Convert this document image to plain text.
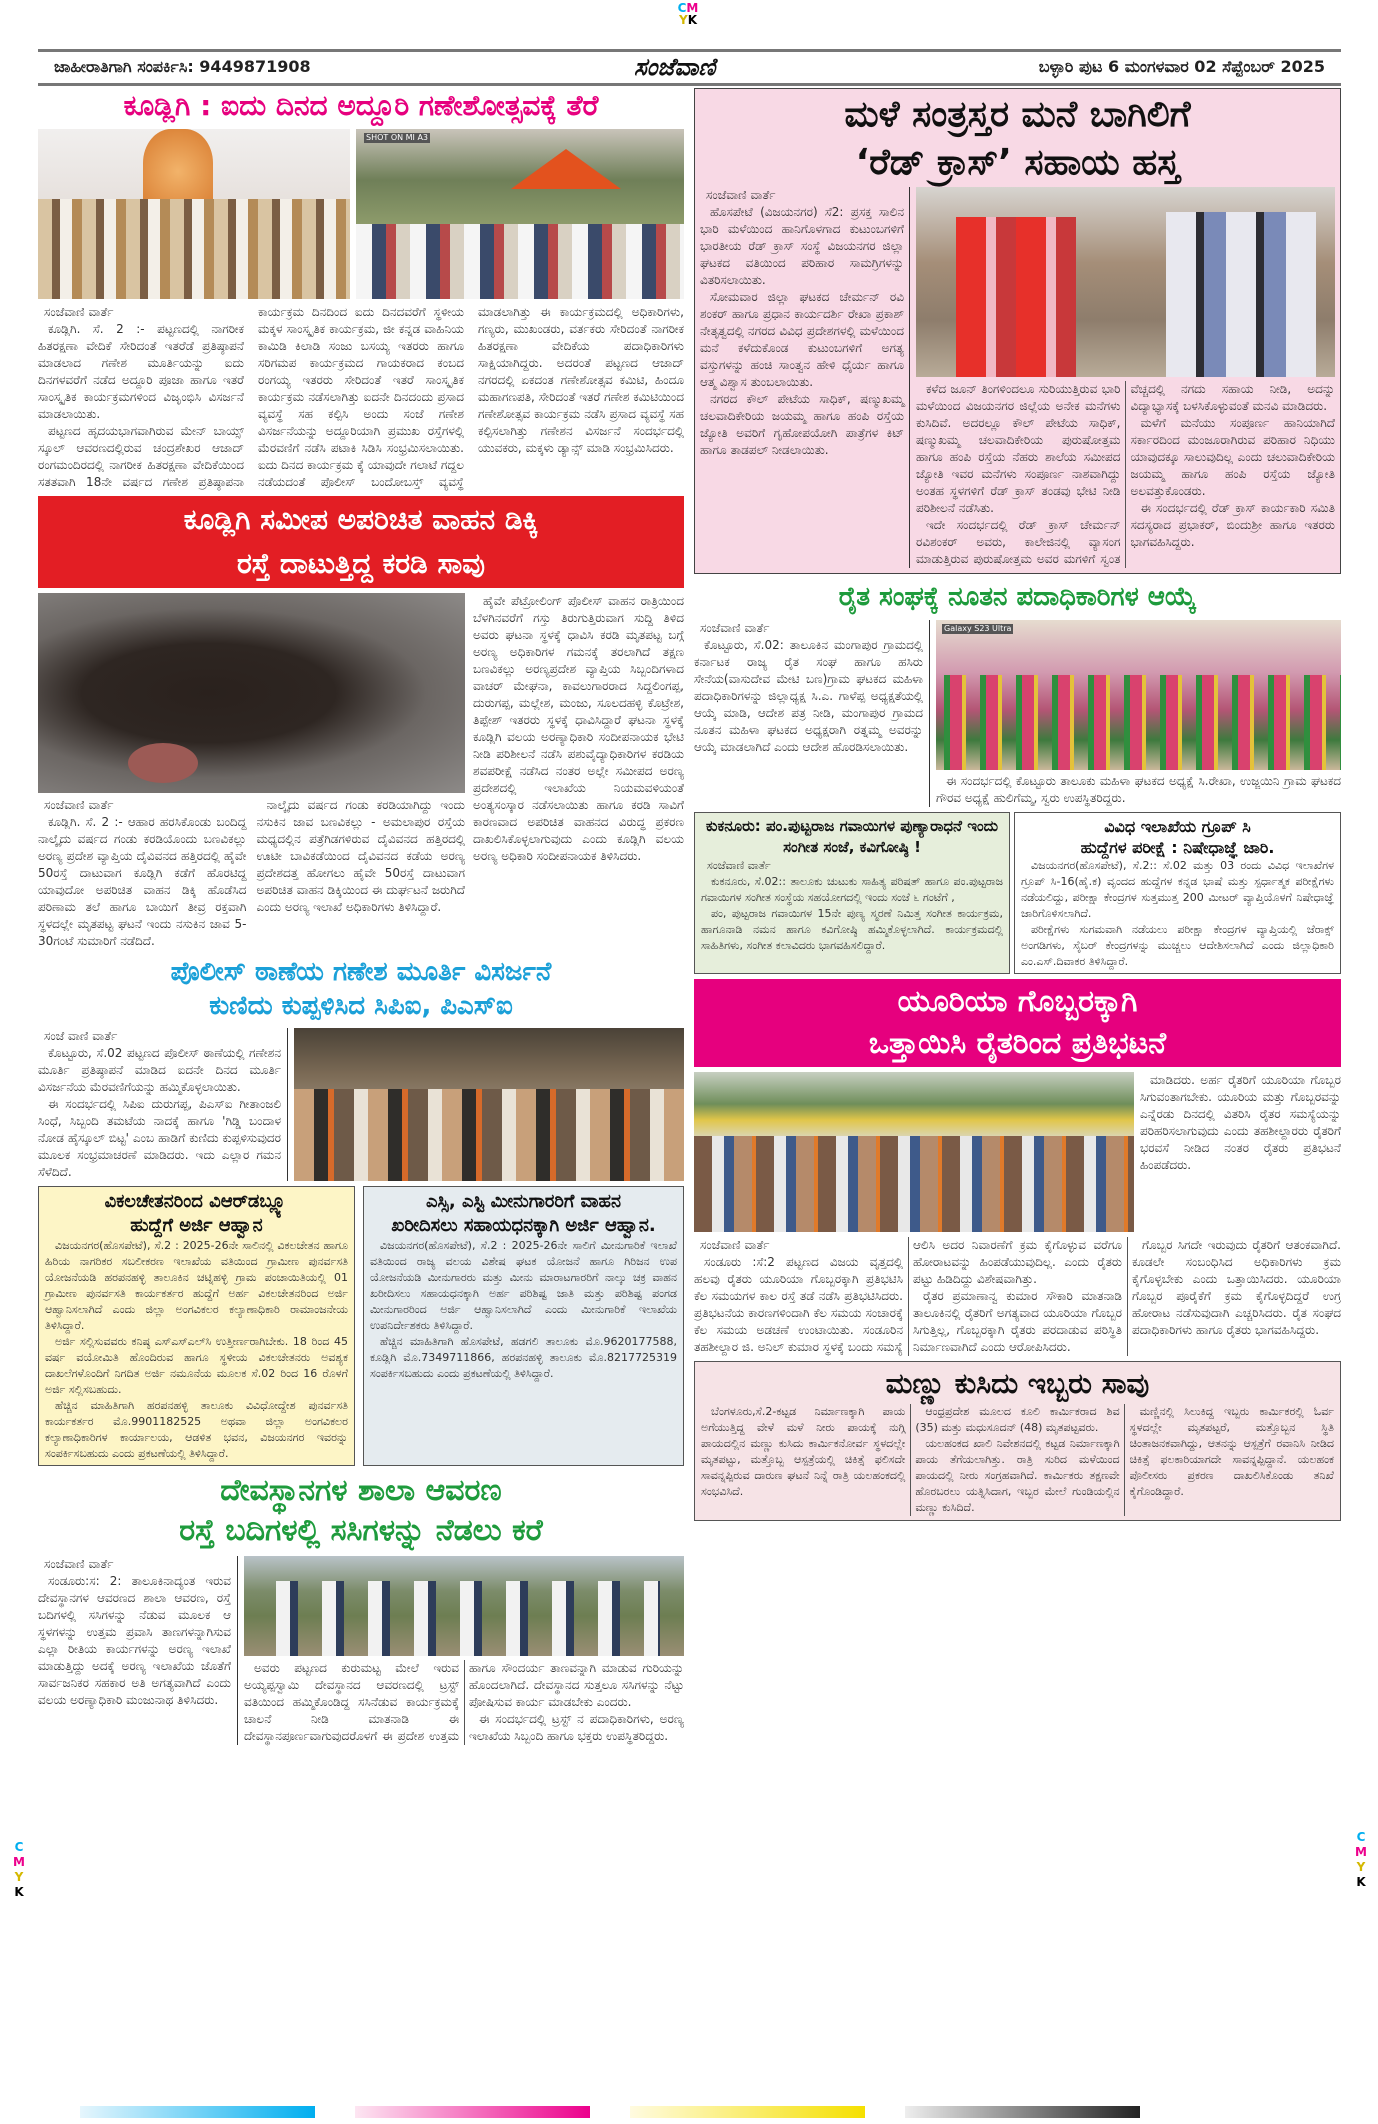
CM
YK
C
M
Y
K
C
M
Y
K
ಜಾಹೀರಾತಿಗಾಗಿ ಸಂಪರ್ಕಿಸಿ: 9449871908	ಸಂಜೆವಾಣಿ	ಬಳ್ಳಾರಿ ಪುಟ 6 ಮಂಗಳವಾರ 02 ಸೆಪ್ಟೆಂಬರ್ 2025
ಕೂಡ್ಲಿಗಿ : ಐದು ದಿನದ ಅದ್ದೂರಿ ಗಣೇಶೋತ್ಸವಕ್ಕೆ ತೆರೆ
SHOT ON MI A3

ಸಂಜೆವಾಣಿ ವಾರ್ತೆ

ಕೂಡ್ಲಿಗಿ. ಸೆ. 2 :- ಪಟ್ಟಣದಲ್ಲಿ ನಾಗರೀಕ ಹಿತರಕ್ಷಣಾ ವೇದಿಕೆ ಸೇರಿದಂತೆ ಇತರೆಡೆ ಪ್ರತಿಷ್ಠಾಪನೆ ಮಾಡಲಾದ ಗಣೇಶ ಮೂರ್ತಿಯನ್ನು ಐದು ದಿನಗಳವರೆಗೆ ನಡೆದ ಅದ್ದೂರಿ ಪೂಜಾ ಹಾಗೂ ಇತರೆ ಸಾಂಸ್ಕೃತಿಕ ಕಾರ್ಯಕ್ರಮಗಳಿಂದ ವಿಜೃಂಭಿಸಿ ವಿಸರ್ಜನೆ ಮಾಡಲಾಯಿತು.

ಪಟ್ಟಣದ ಹೃದಯಭಾಗವಾಗಿರುವ ಮೇನ್ ಬಾಯ್ಸ್ ಸ್ಕೂಲ್ ಆವರಣದಲ್ಲಿರುವ ಚಂದ್ರಶೇಖರ ಆಜಾದ್ ರಂಗಮಂದಿರದಲ್ಲಿ ನಾಗರೀಕ ಹಿತರಕ್ಷಣಾ ವೇದಿಕೆಯಿಂದ ಸತತವಾಗಿ 18ನೇ ವರ್ಷದ ಗಣೇಶ ಪ್ರತಿಷ್ಠಾಪನಾ ಕಾರ್ಯಕ್ರಮ ದಿನದಿಂದ ಐದು ದಿನದವರೆಗೆ ಸ್ಥಳೀಯ ಮಕ್ಕಳ ಸಾಂಸ್ಕೃತಿಕ ಕಾರ್ಯಕ್ರಮ, ಜೀ ಕನ್ನಡ ವಾಹಿನಿಯ ಕಾಮಿಡಿ ಕಿಲಾಡಿ ಸಂಜು ಬಸಯ್ಯ ಇತರರು ಹಾಗೂ ಸರಿಗಮಪ ಕಾರ್ಯಕ್ರಮದ ಗಾಯಕರಾದ ಕಂಬದ ರಂಗಯ್ಯ ಇತರರು ಸೇರಿದಂತೆ ಇತರೆ ಸಾಂಸ್ಕೃತಿಕ ಕಾರ್ಯಕ್ರಮ ನಡೆಸಲಾಗಿತ್ತು ಐದನೇ ದಿನದಂದು ಪ್ರಸಾದ ವ್ಯವಸ್ಥೆ ಸಹ ಕಲ್ಪಿಸಿ ಅಂದು ಸಂಜೆ ಗಣೇಶ ವಿಸರ್ಜನೆಯನ್ನು ಅದ್ದೂರಿಯಾಗಿ ಪ್ರಮುಖ ರಸ್ತೆಗಳಲ್ಲಿ ಮೆರವಣಿಗೆ ನಡೆಸಿ ಪಟಾಕಿ ಸಿಡಿಸಿ ಸಂಭ್ರಮಿಸಲಾಯಿತು. ಐದು ದಿನದ ಕಾರ್ಯಕ್ರಮ ಕ್ಕೆ ಯಾವುದೇ ಗಲಾಟೆ ಗದ್ದಲ ನಡೆಯದಂತೆ ಪೊಲೀಸ್ ಬಂದೋಬಸ್ತ್ ವ್ಯವಸ್ಥೆ ಮಾಡಲಾಗಿತ್ತು ಈ ಕಾರ್ಯಕ್ರಮದಲ್ಲಿ ಅಧಿಕಾರಿಗಳು, ಗಣ್ಯರು, ಮುಖಂಡರು, ವರ್ತಕರು ಸೇರಿದಂತೆ ನಾಗರೀಕ ಹಿತರಕ್ಷಣಾ ವೇದಿಕೆಯ ಪದಾಧಿಕಾರಿಗಳು ಸಾಕ್ಷಿಯಾಗಿದ್ದರು. ಅದರಂತೆ ಪಟ್ಟಣದ ಆಜಾದ್ ನಗರದಲ್ಲಿ ಏಕದಂತ ಗಣೇಶೋತ್ಸವ ಕಮಿಟಿ, ಹಿಂದೂ ಮಹಾಗಣಪತಿ, ಸೇರಿದಂತೆ ಇತರೆ ಗಣೇಶ ಕಮಿಟಿಯಿಂದ ಗಣೇಶೋತ್ಸವ ಕಾರ್ಯಕ್ರಮ ನಡೆಸಿ ಪ್ರಸಾದ ವ್ಯವಸ್ಥೆ ಸಹ ಕಲ್ಪಿಸಲಾಗಿತ್ತು ಗಣೇಶನ ವಿಸರ್ಜನೆ ಸಂದರ್ಭದಲ್ಲಿ ಯುವಕರು, ಮಕ್ಕಳು ಡ್ಯಾನ್ಸ್ ಮಾಡಿ ಸಂಭ್ರಮಿಸಿದರು.

ಕೂಡ್ಲಿಗಿ ಸಮೀಪ ಅಪರಿಚಿತ ವಾಹನ ಡಿಕ್ಕಿ
ರಸ್ತೆ ದಾಟುತ್ತಿದ್ದ ಕರಡಿ ಸಾವು

ಸಂಜೆವಾಣಿ ವಾರ್ತೆ

ಕೂಡ್ಲಿಗಿ. ಸೆ. 2 :- ಆಹಾರ ಹರಸಿಕೊಂಡು ಬಂದಿದ್ದ ನಾಲ್ಕೈದು ವರ್ಷದ ಗಂಡು ಕರಡಿಯೊಂದು ಬಣವಿಕಲ್ಲು ಅರಣ್ಯ ಪ್ರದೇಶ ವ್ಯಾಪ್ತಿಯ ದೈವಿವನದ ಹತ್ತಿರದಲ್ಲಿ ಹೈವೇ 50ರಸ್ತೆ ದಾಟುವಾಗ ಕೂಡ್ಲಿಗಿ ಕಡೆಗೆ ಹೊರಟಿದ್ದ ಯಾವುದೋ ಅಪರಿಚಿತ ವಾಹನ ಡಿಕ್ಕಿ ಹೊಡೆಸಿದ ಪರಿಣಾಮ ತಲೆ ಹಾಗೂ ಬಾಯಿಗೆ ತೀವ್ರ ರಕ್ತವಾಗಿ ಸ್ಥಳದಲ್ಲೇ ಮೃತಪಟ್ಟ ಘಟನೆ ಇಂದು ನಸುಕಿನ ಜಾವ 5-30ಗಂಟೆ ಸುಮಾರಿಗೆ ನಡೆದಿದೆ.

ನಾಲ್ಕೈದು ವರ್ಷದ ಗಂಡು ಕರಡಿಯಾಗಿದ್ದು ಇಂದು ನಸುಕಿನ ಜಾವ ಬಣವಿಕಲ್ಲು - ಅಮಲಾಪುರ ರಸ್ತೆಯ ಮಧ್ಯದಲ್ಲಿನ ಪತ್ರೆಗಿಡಗಳಿರುವ ದೈವಿವನದ ಹತ್ತಿರದಲ್ಲಿ ಊಟೀ ಬಾವಿಕಡೆಯಿಂದ ದೈವಿವನದ ಕಡೆಯ ಅರಣ್ಯ ಪ್ರದೇಶದತ್ತ ಹೋಗಲು ಹೈವೇ 50ರಸ್ತೆ ದಾಟುವಾಗ ಅಪರಿಚಿತ ವಾಹನ ಡಿಕ್ಕಿಯಿಂದ ಈ ದುರ್ಘಟನೆ ಜರುಗಿದೆ ಎಂದು ಅರಣ್ಯ ಇಲಾಖೆ ಅಧಿಕಾರಿಗಳು ತಿಳಿಸಿದ್ದಾರೆ.

ಹೈವೇ ಪೆಟ್ರೋಲಿಂಗ್ ಪೊಲೀಸ್ ವಾಹನ ರಾತ್ರಿಯಿಂದ ಬೆಳಗಿನವರೆಗೆ ಗಸ್ತು ತಿರುಗುತ್ತಿರುವಾಗ ಸುದ್ದಿ ತಿಳಿದ ಅವರು ಘಟನಾ ಸ್ಥಳಕ್ಕೆ ಧಾವಿಸಿ ಕರಡಿ ಮೃತಪಟ್ಟ ಬಗ್ಗೆ ಅರಣ್ಯ ಅಧಿಕಾರಿಗಳ ಗಮನಕ್ಕೆ ತರಲಾಗಿದೆ ತಕ್ಷಣ ಬಣವಿಕಲ್ಲು ಅರಣ್ಯಪ್ರದೇಶ ವ್ಯಾಪ್ತಿಯ ಸಿಬ್ಬಂದಿಗಳಾದ ವಾಚರ್ ಮೇಘನಾ, ಕಾವಲುಗಾರರಾದ ಸಿದ್ದಲಿಂಗಪ್ಪ, ದುರುಗಪ್ಪ, ಮಲ್ಲೇಶ, ಮಂಜು, ಸೂಲದಹಳ್ಳಿ ಕೊಟ್ರೇಶ, ತಿಪ್ಪೇಶ್ ಇತರರು ಸ್ಥಳಕ್ಕೆ ಧಾವಿಸಿದ್ದಾರೆ ಘಟನಾ ಸ್ಥಳಕ್ಕೆ ಕೂಡ್ಲಿಗಿ ವಲಯ ಅರಣ್ಯಾಧಿಕಾರಿ ಸಂದೀಪನಾಯಕ ಭೇಟಿ ನೀಡಿ ಪರಿಶೀಲನೆ ನಡೆಸಿ ಪಶುವೈದ್ಯಾಧಿಕಾರಿಗಳ ಕರಡಿಯ ಶವಪರೀಕ್ಷೆ ನಡೆಸಿದ ನಂತರ ಅಲ್ಲೇ ಸಮೀಪದ ಅರಣ್ಯ ಪ್ರದೇಶದಲ್ಲಿ ಇಲಾಖೆಯ ನಿಯಮವಳಿಯಂತೆ ಅಂತ್ಯಸಂಸ್ಕಾರ ನಡೆಸಲಾಯಿತು ಹಾಗೂ ಕರಡಿ ಸಾವಿಗೆ ಕಾರಣವಾದ ಅಪರಿಚಿತ ವಾಹನದ ವಿರುದ್ಧ ಪ್ರಕರಣ ದಾಖಲಿಸಿಕೊಳ್ಳಲಾಗುವುದು ಎಂದು ಕೂಡ್ಲಿಗಿ ವಲಯ ಅರಣ್ಯ ಅಧಿಕಾರಿ ಸಂದೀಪನಾಯಕ ತಿಳಿಸಿದರು.

ಪೊಲೀಸ್ ಠಾಣೆಯ ಗಣೇಶ ಮೂರ್ತಿ ವಿಸರ್ಜನೆ
ಕುಣಿದು ಕುಪ್ಪಳಿಸಿದ ಸಿಪಿಐ, ಪಿಎಸ್ಐ

ಸಂಜೆ ವಾಣಿ ವಾರ್ತೆ

ಕೊಟ್ಟೂರು, ಸೆ.02 ಪಟ್ಟಣದ ಪೊಲೀಸ್ ಠಾಣೆಯಲ್ಲಿ ಗಣೇಶನ ಮೂರ್ತಿ ಪ್ರತಿಷ್ಠಾಪನೆ ಮಾಡಿದ ಐದನೇ ದಿನದ ಮೂರ್ತಿ ವಿಸರ್ಜನೆಯ ಮೆರವಣಿಗೆಯನ್ನು ಹಮ್ಮಿಕೊಳ್ಳಲಾಯಿತು.

ಈ ಸಂದರ್ಭದಲ್ಲಿ ಸಿಪಿಐ ದುರುಗಪ್ಪ, ಪಿಎಸ್ಐ ಗೀತಾಂಜಲಿ ಸಿಂಧೆ, ಸಿಬ್ಬಂದಿ ತಮಟೆಯ ನಾದಕ್ಕೆ ಹಾಗೂ 'ಗಿಡ್ಡಿ ಬಂದಾಳ ನೋಡ ಹೈಸ್ಕೂಲ್ ಬಿಟ್ಟ' ಎಂಬ ಹಾಡಿಗೆ ಕುಣಿದು ಕುಪ್ಪಳಿಸುವುದರ ಮೂಲಕ ಸಂಭ್ರಮಾಚರಣೆ ಮಾಡಿದರು. ಇದು ಎಲ್ಲಾರ ಗಮನ ಸೆಳೆದಿದೆ.

ವಿಕಲಚೇತನರಿಂದ ವಿಆರ್‌ಡಬ್ಲ್ಯೂ
ಹುದ್ದೆಗೆ ಅರ್ಜಿ ಆಹ್ವಾನ

ವಿಜಯನಗರ(ಹೊಸಪೇಟೆ), ಸೆ.2 : 2025-26ನೇ ಸಾಲಿನಲ್ಲಿ ವಿಕಲಚೇತನ ಹಾಗೂ ಹಿರಿಯ ನಾಗರಿಕರ ಸಬಲೀಕರಣ ಇಲಾಖೆಯ ವತಿಯಿಂದ ಗ್ರಾಮೀಣ ಪುನರ್ವಸತಿ ಯೋಜನೆಯಡಿ ಹರಪನಹಳ್ಳಿ ತಾಲೂಕಿನ ಚಟ್ನಿಹಳ್ಳಿ ಗ್ರಾಮ ಪಂಚಾಯಿತಿಯಲ್ಲಿ 01 ಗ್ರಾಮೀಣ ಪುನರ್ವಸತಿ ಕಾರ್ಯಕರ್ತರ ಹುದ್ದೆಗೆ ಅರ್ಹ ವಿಕಲಚೇತನರಿಂದ ಅರ್ಜಿ ಆಹ್ವಾನಿಸಲಾಗಿದೆ ಎಂದು ಜಿಲ್ಲಾ ಅಂಗವಿಕಲರ ಕಲ್ಯಾಣಾಧಿಕಾರಿ ರಾಮಾಂಜನೇಯ ತಿಳಿಸಿದ್ದಾರೆ.

ಅರ್ಜಿ ಸಲ್ಲಿಸುವವರು ಕನಿಷ್ಠ ಎಸ್‌ಎಸ್‌ಎಲ್‌ಸಿ ಉತ್ತೀರ್ಣರಾಗಿಬೇಕು. 18 ರಿಂದ 45 ವರ್ಷ ವಯೋಮಿತಿ ಹೊಂದಿರುವ ಹಾಗೂ ಸ್ಥಳೀಯ ವಿಕಲಚೇತನರು ಅವಶ್ಯಕ ದಾಖಲೆಗಳೊಂದಿಗೆ ನಿಗದಿತ ಅರ್ಜಿ ನಮೂನೆಯ ಮೂಲಕ ಸೆ.02 ರಿಂದ 16 ರೊಳಗೆ ಅರ್ಜಿ ಸಲ್ಲಿಸಬಹುದು.

ಹೆಚ್ಚಿನ ಮಾಹಿತಿಗಾಗಿ ಹರಪನಹಳ್ಳಿ ತಾಲೂಕು ವಿವಿಧೋದ್ದೇಶ ಪುನರ್ವಸತಿ ಕಾರ್ಯಕರ್ತರ ಮೊ.9901182525 ಅಥವಾ ಜಿಲ್ಲಾ ಅಂಗವಿಕಲರ ಕಲ್ಯಾಣಾಧಿಕಾರಿಗಳ ಕಾರ್ಯಾಲಯ, ಆಡಳಿತ ಭವನ, ವಿಜಯನಗರ ಇವರನ್ನು ಸಂಪರ್ಕಿಸಬಹುದು ಎಂದು ಪ್ರಕಟಣೆಯಲ್ಲಿ ತಿಳಿಸಿದ್ದಾರೆ.

ಎಸ್ಸಿ, ಎಸ್ಟಿ ಮೀನುಗಾರರಿಗೆ ವಾಹನ
ಖರೀದಿಸಲು ಸಹಾಯಧನಕ್ಕಾಗಿ ಅರ್ಜಿ ಆಹ್ವಾನ.

ವಿಜಯನಗರ(ಹೊಸಪೇಟೆ), ಸೆ.2 : 2025-26ನೇ ಸಾಲಿಗೆ ಮೀನುಗಾರಿಕೆ ಇಲಾಖೆ ವತಿಯಿಂದ ರಾಜ್ಯ ವಲಯ ವಿಶೇಷ ಘಟಕ ಯೋಜನೆ ಹಾಗೂ ಗಿರಿಜನ ಉಪ ಯೋಜನೆಯಡಿ ಮೀನುಗಾರರು ಮತ್ತು ಮೀನು ಮಾರಾಟಗಾರರಿಗೆ ನಾಲ್ಕು ಚಕ್ರ ವಾಹನ ಖರೀದಿಸಲು ಸಹಾಯಧನಕ್ಕಾಗಿ ಅರ್ಹ ಪರಿಶಿಷ್ಟ ಜಾತಿ ಮತ್ತು ಪರಿಶಿಷ್ಟ ಪಂಗಡ ಮೀನುಗಾರರಿಂದ ಅರ್ಜಿ ಆಹ್ವಾನಿಸಲಾಗಿದೆ ಎಂದು ಮೀನುಗಾರಿಕೆ ಇಲಾಖೆಯ ಉಪನಿರ್ದೇಶಕರು ತಿಳಿಸಿದ್ದಾರೆ.

ಹೆಚ್ಚಿನ ಮಾಹಿತಿಗಾಗಿ ಹೊಸಪೇಟೆ, ಹಡಗಲಿ ತಾಲೂಕು ಮೊ.9620177588, ಕೂಡ್ಲಿಗಿ ಮೊ.7349711866, ಹರಪನಹಳ್ಳಿ ತಾಲೂಕು ಮೊ.8217725319 ಸಂಪರ್ಕಿಸಬಹುದು ಎಂದು ಪ್ರಕಟಣೆಯಲ್ಲಿ ತಿಳಿಸಿದ್ದಾರೆ.

ದೇವಸ್ಥಾನಗಳ ಶಾಲಾ ಆವರಣ
ರಸ್ತೆ ಬದಿಗಳಲ್ಲಿ ಸಸಿಗಳನ್ನು ನೆಡಲು ಕರೆ

ಸಂಜೆವಾಣಿ ವಾರ್ತೆ

ಸಂಡೂರು:ಸ: 2: ತಾಲೂಕಿನಾದ್ಯಂತ ಇರುವ ದೇವಸ್ಥಾನಗಳ ಆವರಣದ ಶಾಲಾ ಆವರಣ, ರಸ್ತೆ ಬದಿಗಳಲ್ಲಿ ಸಸಿಗಳನ್ನು ನೆಡುವ ಮೂಲಕ ಆ ಸ್ಥಳಗಳನ್ನು ಉತ್ತಮ ಪ್ರವಾಸಿ ತಾಣಗಳನ್ನಾಗಿಸುವ ಎಲ್ಲಾ ರೀತಿಯ ಕಾರ್ಯಗಳನ್ನು ಅರಣ್ಯ ಇಲಾಖೆ ಮಾಡುತ್ತಿದ್ದು ಅದಕ್ಕೆ ಅರಣ್ಯ ಇಲಾಖೆಯ ಜೊತೆಗೆ ಸಾರ್ವಜನಿಕರ ಸಹಕಾರ ಅತಿ ಅಗತ್ಯವಾಗಿದೆ ಎಂದು ವಲಯ ಅರಣ್ಯಾಧಿಕಾರಿ ಮಂಜುನಾಥ ತಿಳಿಸಿದರು.

ಅವರು ಪಟ್ಟಣದ ಕುರುಮಟ್ಟ ಮೇಲೆ ಇರುವ ಅಯ್ಯಪ್ಪಸ್ವಾಮಿ ದೇವಸ್ಥಾನದ ಆವರಣದಲ್ಲಿ ಟ್ರಸ್ಟ್ ವತಿಯಿಂದ ಹಮ್ಮಿಕೊಂಡಿದ್ದ ಸಸಿನೆಡುವ ಕಾರ್ಯಕ್ರಮಕ್ಕೆ ಚಾಲನೆ ನೀಡಿ ಮಾತನಾಡಿ ಈ ದೇವಸ್ಥಾನಪೂರ್ಣವಾಗುವುದರೊಳಗೆ ಈ ಪ್ರದೇಶ ಉತ್ತಮ ಹಾಗೂ ಸೌಂದರ್ಯ ತಾಣವನ್ನಾಗಿ ಮಾಡುವ ಗುರಿಯನ್ನು ಹೊಂದಲಾಗಿದೆ. ದೇವಸ್ಥಾನದ ಸುತ್ತಲೂ ಸಸಿಗಳನ್ನು ನೆಟ್ಟು ಪೋಷಿಸುವ ಕಾರ್ಯ ಮಾಡಬೇಕು ಎಂದರು.

ಈ ಸಂದರ್ಭದಲ್ಲಿ ಟ್ರಸ್ಟ್ ನ ಪದಾಧಿಕಾರಿಗಳು, ಅರಣ್ಯ ಇಲಾಖೆಯ ಸಿಬ್ಬಂದಿ ಹಾಗೂ ಭಕ್ತರು ಉಪಸ್ಥಿತರಿದ್ದರು.

ಮಳೆ ಸಂತ್ರಸ್ತರ ಮನೆ ಬಾಗಿಲಿಗೆ
‘ರೆಡ್ ಕ್ರಾಸ್’ ಸಹಾಯ ಹಸ್ತ

ಸಂಜೆವಾಣಿ ವಾರ್ತೆ

ಹೊಸಪೇಟೆ (ವಿಜಯನಗರ) ಸೆ2: ಪ್ರಸಕ್ತ ಸಾಲಿನ ಭಾರಿ ಮಳೆಯಿಂದ ಹಾನಿಗೊಳಗಾದ ಕುಟುಂಬಗಳಿಗೆ ಭಾರತೀಯ ರೆಡ್ ಕ್ರಾಸ್ ಸಂಸ್ಥೆ ವಿಜಯನಗರ ಜಿಲ್ಲಾ ಘಟಕದ ವತಿಯಿಂದ ಪರಿಹಾರ ಸಾಮಗ್ರಿಗಳನ್ನು ವಿತರಿಸಲಾಯಿತು.

ಸೋಮವಾರ ಜಿಲ್ಲಾ ಘಟಕದ ಚೇರ್ಮನ್ ರವಿ ಶಂಕರ್ ಹಾಗೂ ಪ್ರಧಾನ ಕಾರ್ಯದರ್ಶಿ ರೇಖಾ ಪ್ರಕಾಶ್ ನೇತೃತ್ವದಲ್ಲಿ ನಗರದ ವಿವಿಧ ಪ್ರದೇಶಗಳಲ್ಲಿ ಮಳೆಯಿಂದ ಮನೆ ಕಳೆದುಕೊಂಡ ಕುಟುಂಬಗಳಿಗೆ ಅಗತ್ಯ ವಸ್ತುಗಳನ್ನು ಹಂಚಿ ಸಾಂತ್ವನ ಹೇಳಿ ಧೈರ್ಯ ಹಾಗೂ ಆತ್ಮ ವಿಶ್ವಾಸ ತುಂಬಲಾಯಿತು.

ನಗರದ ಕೌಲ್ ಪೇಟೆಯ ಸಾಧಿಕ್, ಷಣ್ಮುಖಮ್ಮ ಚಲವಾದಿಕೇರಿಯ ಜಯಮ್ಮ ಹಾಗೂ ಹಂಪಿ ರಸ್ತೆಯ ಜ್ಯೋತಿ ಅವರಿಗೆ ಗೃಹೋಪಯೋಗಿ ಪಾತ್ರೆಗಳ ಕಿಟ್ ಹಾಗೂ ತಾಡಪಲ್ ನೀಡಲಾಯಿತು.

ಕಳೆದ ಜೂನ್ ತಿಂಗಳಿಂದಲೂ ಸುರಿಯುತ್ತಿರುವ ಭಾರಿ ಮಳೆಯಿಂದ ವಿಜಯನಗರ ಜಿಲ್ಲೆಯ ಅನೇಕ ಮನೆಗಳು ಕುಸಿದಿವೆ. ಅದರಲ್ಲೂ ಕೌಲ್ ಪೇಟೆಯ ಸಾಧಿಕ್, ಷಣ್ಮುಖಮ್ಮ ಚಲವಾದಿಕೇರಿಯ ಪುರುಷೋತ್ತಮ ಹಾಗೂ ಹಂಪಿ ರಸ್ತೆಯ ನೆಹರು ಶಾಲೆಯ ಸಮೀಪದ ಜ್ಯೋತಿ ಇವರ ಮನೆಗಳು ಸಂಪೂರ್ಣ ನಾಶವಾಗಿದ್ದು ಅಂತಹ ಸ್ಥಳಗಳಿಗೆ ರೆಡ್ ಕ್ರಾಸ್ ತಂಡವು ಭೇಟಿ ನೀಡಿ ಪರಿಶೀಲನೆ ನಡೆಸಿತು.

ಇದೇ ಸಂದರ್ಭದಲ್ಲಿ ರೆಡ್ ಕ್ರಾಸ್ ಚೇರ್ಮನ್ ರವಿಶಂಕರ್ ಅವರು, ಕಾಲೇಜಿನಲ್ಲಿ ವ್ಯಾಸಂಗ ಮಾಡುತ್ತಿರುವ ಪುರುಷೋತ್ತಮ ಅವರ ಮಗಳಿಗೆ ಸ್ವಂತ ವೆಚ್ಚದಲ್ಲಿ ನಗದು ಸಹಾಯ ನೀಡಿ, ಅದನ್ನು ವಿದ್ಯಾಭ್ಯಾಸಕ್ಕೆ ಬಳಸಿಕೊಳ್ಳುವಂತೆ ಮನವಿ ಮಾಡಿದರು.

ಮಳೆಗೆ ಮನೆಯು ಸಂಪೂರ್ಣ ಹಾನಿಯಾಗಿದೆ ಸರ್ಕಾರದಿಂದ ಮಂಜೂರಾಗಿರುವ ಪರಿಹಾರ ನಿಧಿಯು ಯಾವುದಕ್ಕೂ ಸಾಲುವುದಿಲ್ಲ ಎಂದು ಚಲುವಾದಿಕೇರಿಯ ಜಯಮ್ಮ ಹಾಗೂ ಹಂಪಿ ರಸ್ತೆಯ ಜ್ಯೋತಿ ಅಲವತ್ತುಕೊಂಡರು.

ಈ ಸಂದರ್ಭದಲ್ಲಿ ರೆಡ್ ಕ್ರಾಸ್ ಕಾರ್ಯಕಾರಿ ಸಮಿತಿ ಸದಸ್ಯರಾದ ಪ್ರಭಾಕರ್, ಬಿಂದುಶ್ರೀ ಹಾಗೂ ಇತರರು ಭಾಗವಹಿಸಿದ್ದರು.

ರೈತ ಸಂಘಕ್ಕೆ ನೂತನ ಪದಾಧಿಕಾರಿಗಳ ಆಯ್ಕೆ

ಸಂಜೆವಾಣಿ ವಾರ್ತೆ

ಕೊಟ್ಟೂರು, ಸೆ.02: ತಾಲೂಕಿನ ಮಂಗಾಪುರ ಗ್ರಾಮದಲ್ಲಿ ಕರ್ನಾಟಕ ರಾಜ್ಯ ರೈತ ಸಂಘ ಹಾಗೂ ಹಸಿರು ಸೇನೆಯ(ವಾಸುದೇವ ಮೇಟಿ ಬಣ)ಗ್ರಾಮ ಘಟಕದ ಮಹಿಳಾ ಪದಾಧಿಕಾರಿಗಳನ್ನು ಜಿಲ್ಲಾಧ್ಯಕ್ಷ ಸಿ.ಎ. ಗಾಳೆಪ್ಪ ಅಧ್ಯಕ್ಷತೆಯಲ್ಲಿ ಆಯ್ಕೆ ಮಾಡಿ, ಆದೇಶ ಪತ್ರ ನೀಡಿ, ಮಂಗಾಪುರ ಗ್ರಾಮದ ನೂತನ ಮಹಿಳಾ ಘಟಕದ ಅಧ್ಯಕ್ಷರಾಗಿ ರತ್ನಮ್ಮ ಅವರನ್ನು ಆಯ್ಕೆ ಮಾಡಲಾಗಿದೆ ಎಂದು ಆದೇಶ ಹೊರಡಿಸಲಾಯಿತು.

Galaxy S23 Ultra

ಈ ಸಂದರ್ಭದಲ್ಲಿ ಕೊಟ್ಟೂರು ತಾಲೂಕು ಮಹಿಳಾ ಘಟಕದ ಅಧ್ಯಕ್ಷೆ ಸಿ.ರೇಖಾ, ಉಜ್ಜಯಿನಿ ಗ್ರಾಮ ಘಟಕದ ಗೌರವ ಅಧ್ಯಕ್ಷೆ ಹುಲಿಗೆಮ್ಮ, ಸ್ವರು ಉಪಸ್ಥಿತರಿದ್ದರು.

ಕುಕನೂರು: ಪಂ.ಪುಟ್ಟರಾಜ ಗವಾಯಿಗಳ ಪುಣ್ಯಾರಾಧನೆ ಇಂದು ಸಂಗೀತ ಸಂಜೆ, ಕವಿಗೋಷ್ಠಿ !

ಸಂಜೆವಾಣಿ ವಾರ್ತೆ

ಕುಕನೂರು, ಸೆ.02:: ತಾಲೂಕು ಚುಟುಕು ಸಾಹಿತ್ಯ ಪರಿಷತ್ ಹಾಗೂ ಪಂ.ಪುಟ್ಟರಾಜ ಗವಾಯಿಗಳ ಸಂಗೀತ ಸಂಸ್ಥೆಯ ಸಹಯೋಗದಲ್ಲಿ ಇಂದು ಸಂಜೆ ೬ ಗಂಟೆಗೆ ,

ಪಂ, ಪುಟ್ಟರಾಜ ಗವಾಯಿಗಳ 15ನೇ ಪುಣ್ಯ ಸ್ಮರಣೆ ನಿಮಿತ್ತ ಸಂಗೀತ ಕಾರ್ಯಕ್ರಮ, ಹಾಗೂನಾಡಿ ನಮನ ಹಾಗೂ ಕವಿಗೋಷ್ಠಿ ಹಮ್ಮಿಕೊಳ್ಳಲಾಗಿದೆ. ಕಾರ್ಯಕ್ರಮದಲ್ಲಿ ಸಾಹಿತಿಗಳು, ಸಂಗೀತ ಕಲಾವಿದರು ಭಾಗವಹಿಸಲಿದ್ದಾರೆ.

ವಿವಿಧ ಇಲಾಖೆಯ ಗ್ರೂಪ್ ಸಿ
ಹುದ್ದೆಗಳ ಪರೀಕ್ಷೆ : ನಿಷೇಧಾಜ್ಞೆ ಜಾರಿ.

ವಿಜಯನಗರ(ಹೊಸಪೇಟೆ), ಸೆ.2:: ಸೆ.02 ಮತ್ತು 03 ರಂದು ವಿವಿಧ ಇಲಾಖೆಗಳ ಗ್ರೂಪ್ ಸಿ-16(ಹೈ.ಕ) ವೃಂದದ ಹುದ್ದೆಗಳ ಕನ್ನಡ ಭಾಷೆ ಮತ್ತು ಸ್ಪರ್ಧಾತ್ಮಕ ಪರೀಕ್ಷೆಗಳು ನಡೆಯಲಿದ್ದು, ಪರೀಕ್ಷಾ ಕೇಂದ್ರಗಳ ಸುತ್ತಮುತ್ತ 200 ಮೀಟರ್ ವ್ಯಾಪ್ತಿಯೊಳಗೆ ನಿಷೇಧಾಜ್ಞೆ ಜಾರಿಗೊಳಿಸಲಾಗಿದೆ.

ಪರೀಕ್ಷೆಗಳು ಸುಗಮವಾಗಿ ನಡೆಯಲು ಪರೀಕ್ಷಾ ಕೇಂದ್ರಗಳ ವ್ಯಾಪ್ತಿಯಲ್ಲಿ ಜೆರಾಕ್ಸ್ ಅಂಗಡಿಗಳು, ಸೈಬರ್ ಕೇಂದ್ರಗಳನ್ನು ಮುಚ್ಚಲು ಆದೇಶಿಸಲಾಗಿದೆ ಎಂದು ಜಿಲ್ಲಾಧಿಕಾರಿ ಎಂ.ಎಸ್.ದಿವಾಕರ ತಿಳಿಸಿದ್ದಾರೆ.

ಯೂರಿಯಾ ಗೊಬ್ಬರಕ್ಕಾಗಿ
ಒತ್ತಾಯಿಸಿ ರೈತರಿಂದ ಪ್ರತಿಭಟನೆ

ಮಾಡಿದರು. ಅರ್ಹ ರೈತರಿಗೆ ಯೂರಿಯಾ ಗೊಬ್ಬರ ಸಿಗುವಂತಾಗಬೇಕು. ಯೂರಿಯ ಮತ್ತು ಗೊಬ್ಬರವನ್ನು ಎನ್ನೆರಡು ದಿನದಲ್ಲಿ ವಿತರಿಸಿ ರೈತರ ಸಮಸ್ಯೆಯನ್ನು ಪರಿಹರಿಸಲಾಗುವುದು ಎಂದು ತಹಶೀಲ್ದಾರರು ರೈತರಿಗೆ ಭರವಸೆ ನೀಡಿದ ನಂತರ ರೈತರು ಪ್ರತಿಭಟನೆ ಹಿಂಪಡೆದರು.

ಸಂಜೆವಾಣಿ ವಾರ್ತೆ

ಸಂಡೂರು :ಸೆ:2 ಪಟ್ಟಣದ ವಿಜಯ ವೃತ್ತದಲ್ಲಿ ಹಲವು ರೈತರು ಯೂರಿಯಾ ಗೊಬ್ಬರಕ್ಕಾಗಿ ಪ್ರತಿಭಟಿಸಿ ಕೆಲ ಸಮಯಗಳ ಕಾಲ ರಸ್ತೆ ತಡೆ ನಡೆಸಿ ಪ್ರತಿಭಟಿಸಿದರು. ಪ್ರತಿಭಟನೆಯ ಕಾರಣಗಳಿಂದಾಗಿ ಕೆಲ ಸಮಯ ಸಂಚಾರಕ್ಕೆ ಕೆಲ ಸಮಯ ಅಡಚಣೆ ಉಂಟಾಯಿತು. ಸಂಡೂರಿನ ತಹಶೀಲ್ದಾರ ಜಿ. ಅನಿಲ್ ಕುಮಾರ ಸ್ಥಳಕ್ಕೆ ಬಂದು ಸಮಸ್ಯೆ ಆಲಿಸಿ ಅದರ ನಿವಾರಣೆಗೆ ಕ್ರಮ ಕೈಗೊಳ್ಳುವ ವರೆಗೂ ಹೋರಾಟವನ್ನು ಹಿಂಪಡೆಯುವುದಿಲ್ಲ. ಎಂದು ರೈತರು ಪಟ್ಟು ಹಿಡಿದಿದ್ದು ವಿಶೇಷವಾಗಿತ್ತು.

ರೈತರ ಪ್ರಮಾಣಾನ್ವ ಕುಮಾರ ಸೌಕಾರಿ ಮಾತನಾಡಿ ತಾಲೂಕಿನಲ್ಲಿ ರೈತರಿಗೆ ಅಗತ್ಯವಾದ ಯೂರಿಯಾ ಗೊಬ್ಬರ ಸಿಗುತ್ತಿಲ್ಲ, ಗೊಬ್ಬರಕ್ಕಾಗಿ ರೈತರು ಪರದಾಡುವ ಪರಿಸ್ಥಿತಿ ನಿರ್ಮಾಣವಾಗಿದೆ ಎಂದು ಆರೋಪಿಸಿದರು.

ಗೊಬ್ಬರ ಸಿಗದೇ ಇರುವುದು ರೈತರಿಗೆ ಆತಂಕವಾಗಿದೆ. ಕೂಡಲೇ ಸಂಬಂಧಿಸಿದ ಅಧಿಕಾರಿಗಳು ಕ್ರಮ ಕೈಗೊಳ್ಳಬೇಕು ಎಂದು ಒತ್ತಾಯಿಸಿದರು. ಯೂರಿಯಾ ಗೊಬ್ಬರ ಪೂರೈಕೆಗೆ ಕ್ರಮ ಕೈಗೊಳ್ಳದಿದ್ದರೆ ಉಗ್ರ ಹೋರಾಟ ನಡೆಸುವುದಾಗಿ ಎಚ್ಚರಿಸಿದರು. ರೈತ ಸಂಘದ ಪದಾಧಿಕಾರಿಗಳು ಹಾಗೂ ರೈತರು ಭಾಗವಹಿಸಿದ್ದರು.

ಮಣ್ಣು ಕುಸಿದು ಇಬ್ಬರು ಸಾವು

ಬೆಂಗಳೂರು,ಸೆ.2-ಕಟ್ಟಡ ನಿರ್ಮಾಣಕ್ಕಾಗಿ ಪಾಯ ಅಗೆಯುತ್ತಿದ್ದ ವೇಳೆ ಮಳೆ ನೀರು ಪಾಯಕ್ಕೆ ನುಗ್ಗಿ ಪಾಯದಲ್ಲಿನ ಮಣ್ಣು ಕುಸಿದು ಕಾರ್ಮಿಕನೋರ್ವ ಸ್ಥಳದಲ್ಲೇ ಮೃತಪಟ್ಟು, ಮತ್ತೊಬ್ಬ ಆಸ್ಪತ್ರೆಯಲ್ಲಿ ಚಿಕಿತ್ಸೆ ಫಲಿಸದೇ ಸಾವನ್ನಪ್ಪಿರುವ ದಾರುಣ ಘಟನೆ ನಿನ್ನೆ ರಾತ್ರಿ ಯಲಹಂಕದಲ್ಲಿ ಸಂಭವಿಸಿದೆ.

ಆಂಧ್ರಪ್ರದೇಶ ಮೂಲದ ಕೂಲಿ ಕಾರ್ಮಿಕರಾದ ಶಿವ (35) ಮತ್ತು ಮಧುಸೂದನ್ (48) ಮೃತಪಟ್ಟವರು.

ಯಲಹಂಕದ ಖಾಲಿ ನಿವೇಶನದಲ್ಲಿ ಕಟ್ಟಡ ನಿರ್ಮಾಣಕ್ಕಾಗಿ ಪಾಯ ತೆಗೆಯಲಾಗಿತ್ತು. ರಾತ್ರಿ ಸುರಿದ ಮಳೆಯಿಂದ ಪಾಯದಲ್ಲಿ ನೀರು ಸಂಗ್ರಹವಾಗಿದೆ. ಕಾರ್ಮಿಕರು ತಕ್ಷಣವೇ ಹೊರಬರಲು ಯತ್ನಿಸಿದಾಗ, ಇಬ್ಬರ ಮೇಲೆ ಗುಂಡಿಯಲ್ಲಿನ ಮಣ್ಣು ಕುಸಿದಿದೆ.

ಮಣ್ಣಿನಲ್ಲಿ ಸಿಲುಕಿದ್ದ ಇಬ್ಬರು ಕಾರ್ಮಿಕರಲ್ಲಿ ಓರ್ವ ಸ್ಥಳದಲ್ಲೇ ಮೃತಪಟ್ಟರೆ, ಮತ್ತೊಬ್ಬನ ಸ್ಥಿತಿ ಚಿಂತಾಜನಕವಾಗಿದ್ದು, ಆತನನ್ನು ಆಸ್ಪತ್ರೆಗೆ ರವಾನಿಸಿ ನೀಡಿದ ಚಿಕಿತ್ಸೆ ಫಲಕಾರಿಯಾಗದೇ ಸಾವನ್ನಪ್ಪಿದ್ದಾನೆ. ಯಲಹಂಕ ಪೊಲೀಸರು ಪ್ರಕರಣ ದಾಖಲಿಸಿಕೊಂಡು ತನಿಖೆ ಕೈಗೊಂಡಿದ್ದಾರೆ.
